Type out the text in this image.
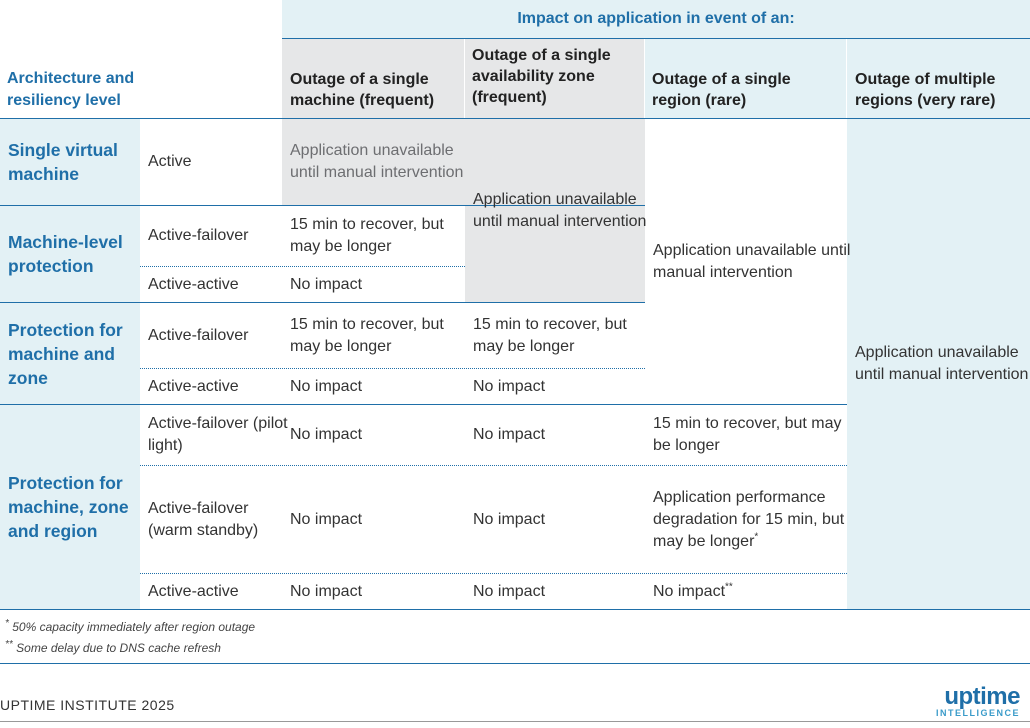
Impact on application in event of an:
Architecture and resiliency level
Outage of a single machine (frequent)
Outage of a single availability zone (frequent)
Outage of a single region (rare)
Outage of multiple regions (very rare)
Single virtual machine
Machine-level protection
Protection for machine and zone
Protection for machine, zone and region
Active
Active-failover
Active-active
Active-failover
Active-active
Active-failover (pilot light)
Active-failover (warm standby)
Active-active
Application unavailable until manual intervention
15 min to recover, but may be longer
No impact
15 min to recover, but may be longer
No impact
No impact
No impact
No impact
Application unavailable until manual intervention
15 min to recover, but may be longer
No impact
No impact
No impact
No impact
Application unavailable until manual intervention
15 min to recover, but may be longer
Application performance degradation for 15 min, but may be longer*
No impact**
Application unavailable until manual intervention
* 50% capacity immediately after region outage
** Some delay due to DNS cache refresh
UPTIME INSTITUTE 2025	uptime
INTELLIGENCE
